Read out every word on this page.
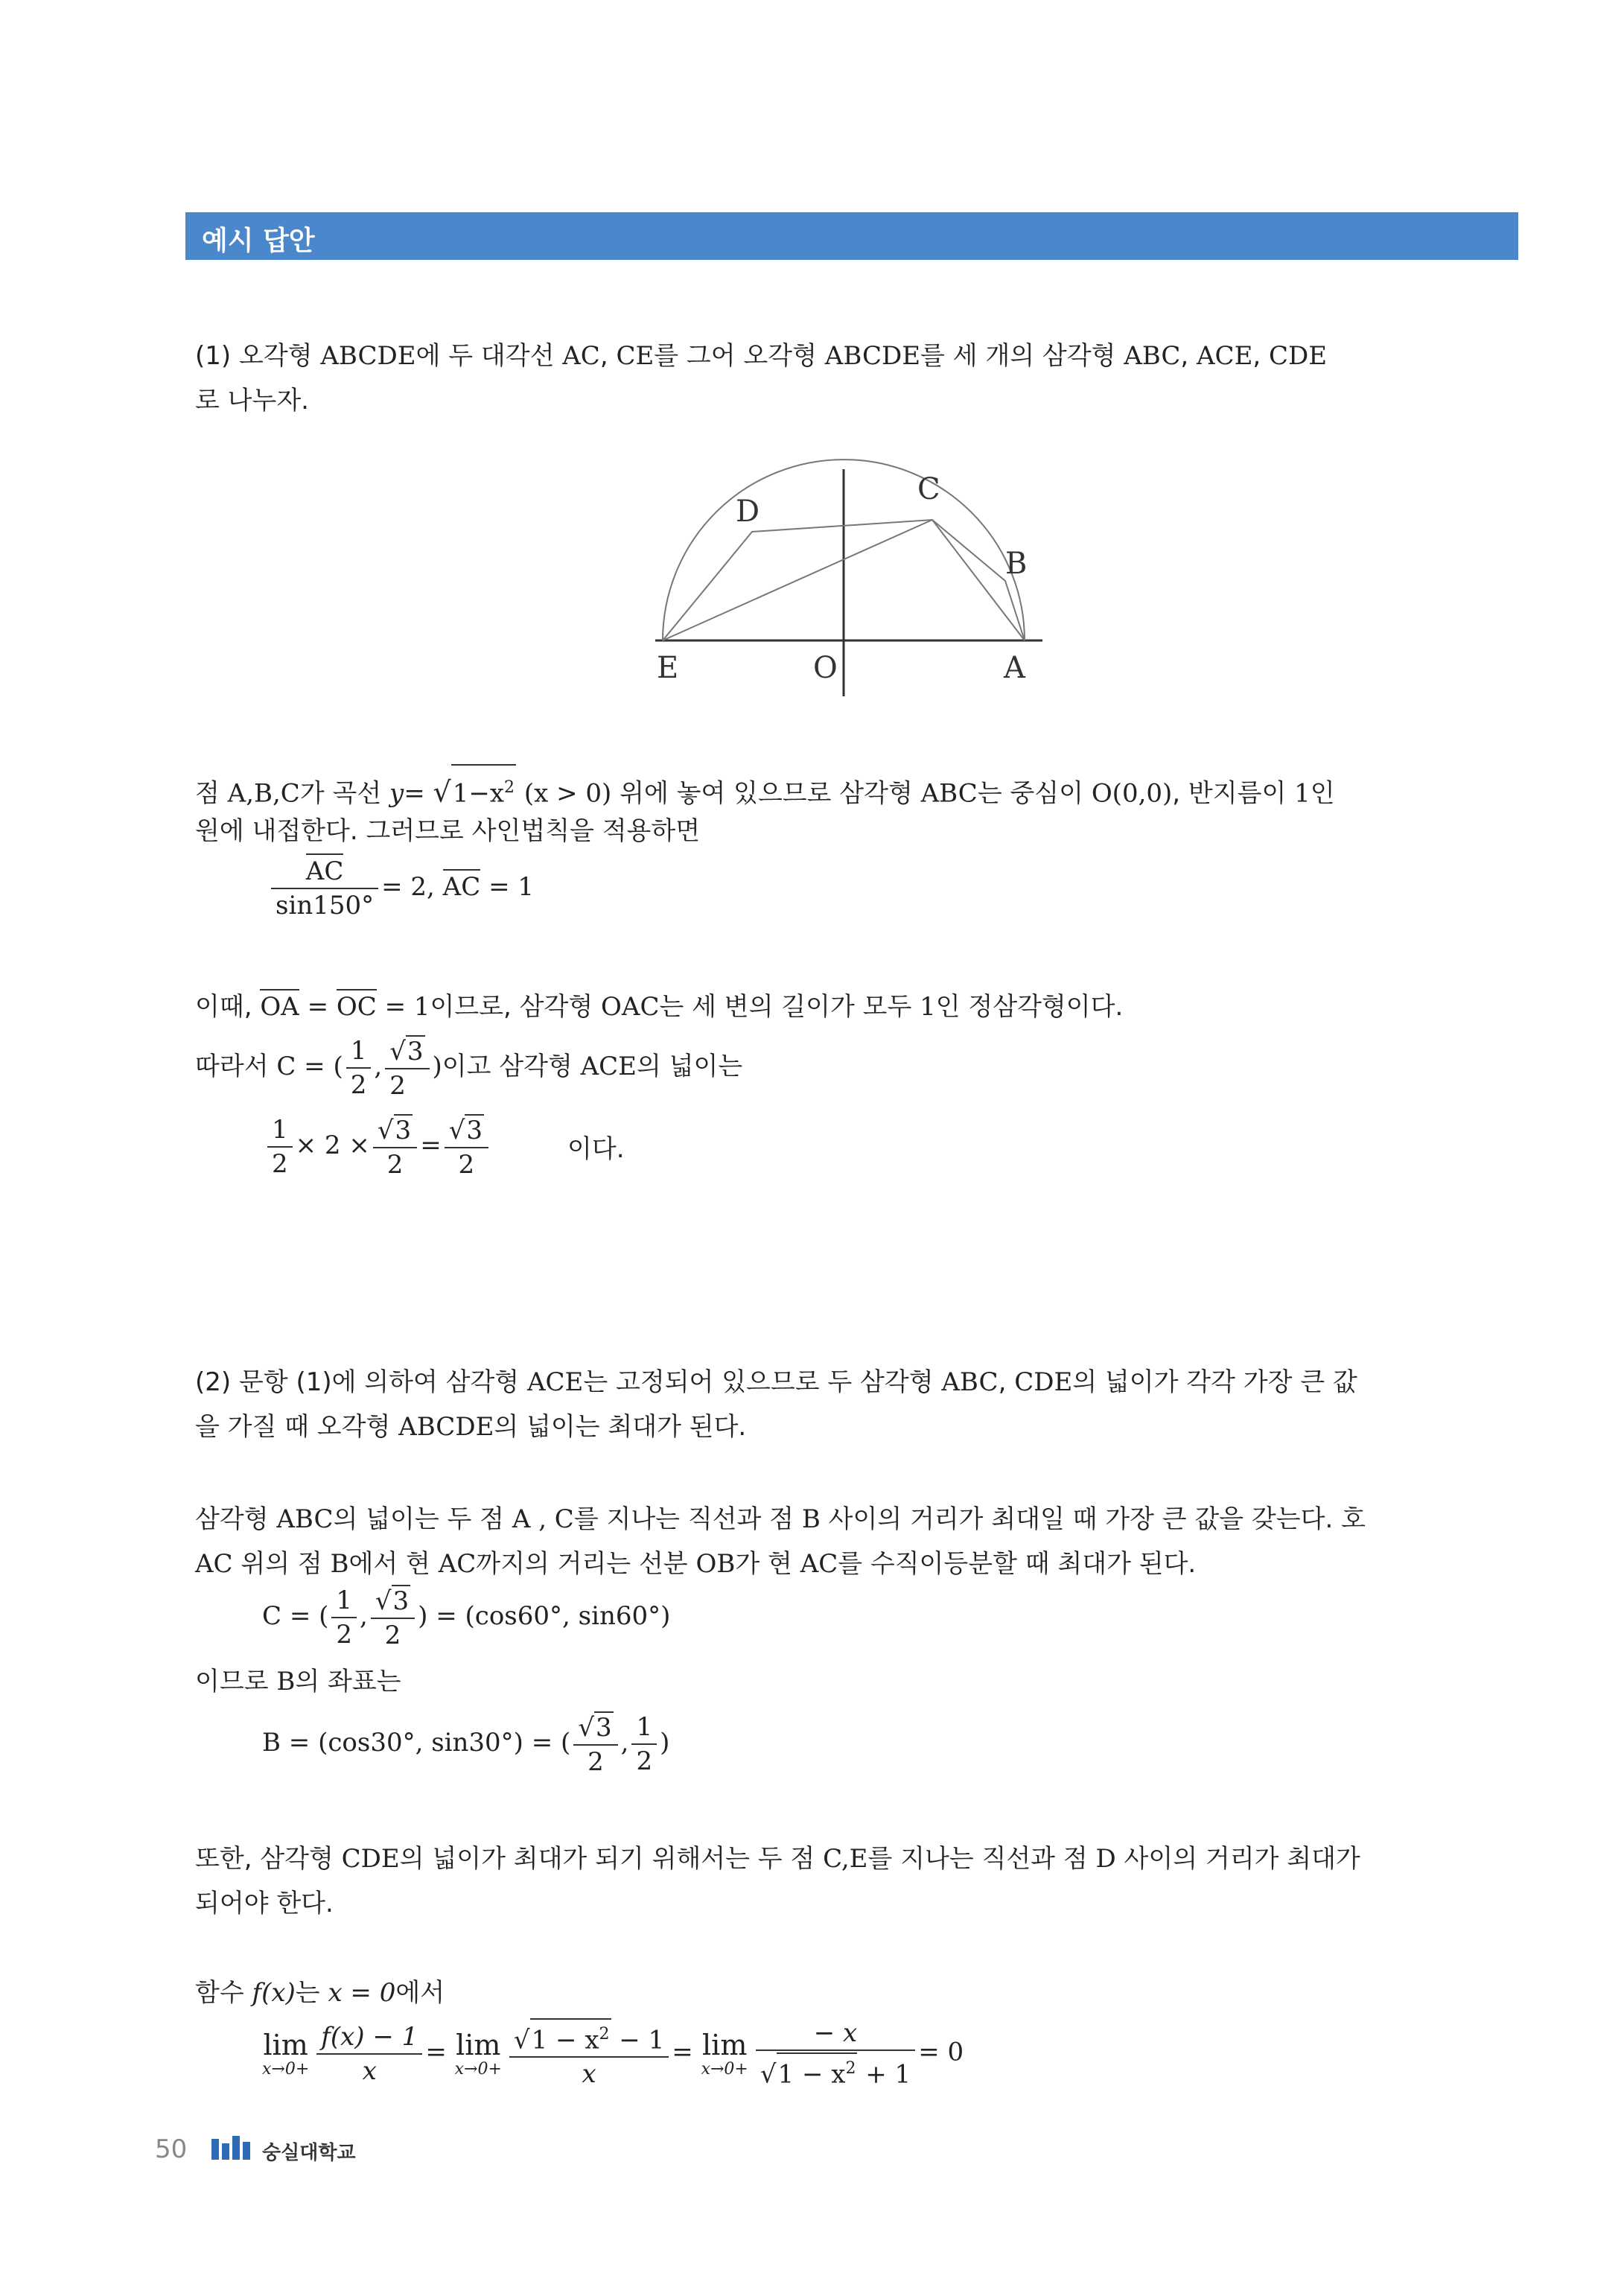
예시 답안
(1) 오각형 ABCDE에 두 대각선 AC, CE를 그어 오각형 ABCDE를 세 개의 삼각형 ABC, ACE, CDE
로 나누자.
D
C
B
E	O	A
점 A,B,C가 곡선 $y= √1-x^2$ (x > 0) 위에 놓여 있으므로 삼각형 ABC는 중심이 O(0,0), 반지름이 1인
원에 내접한다. 그러므로 사인법칙을 적용하면
$\frac{AC}{\sin 150^\circ} = 2$, AC = 1
이때, OA = OC = 1이므로, 삼각형 OAC는 세 변의 길이가 모두 1인 정삼각형이다.
따라서 C = ( $\frac{1}{2}$ , $\frac{√3}{2}$ )이고 삼각형 ACE의 넓이는
$\frac{1}{2} \times 2 \times \frac{√3}{2} = \frac{√3}{2}$	이다.
(2) 문항 (1)에 의하여 삼각형 ACE는 고정되어 있으므로 두 삼각형 ABC, CDE의 넓이가 각각 가장 큰 값
을 가질 때 오각형 ABCDE의 넓이는 최대가 된다.
삼각형 ABC의 넓이는 두 점 A , C를 지나는 직선과 점 B 사이의 거리가 최대일 때 가장 큰 값을 갖는다. 호
AC 위의 점 B에서 현 AC까지의 거리는 선분 OB가 현 AC를 수직이등분할 때 최대가 된다.
C = ( $\frac{1}{2}$ , $\frac{√3}{2}$ ) = (cos60°, sin60°)
이므로 B의 좌표는
B = (cos30°, sin30°) = ( $\frac{√3}{2}$ , $\frac{1}{2}$ )
또한, 삼각형 CDE의 넓이가 최대가 되기 위해서는 두 점 C,E를 지나는 직선과 점 D 사이의 거리가 최대가
되어야 한다.
함수 f(x)는 x = 0에서
lim
$x\to 0+ \frac{f(x) - 1}{x} = \lim$
$x\to 0+ \frac{√1 - x^2 - 1}{x} = \lim$
$x\to 0+ \frac{- x}{√1 - x^2 + 1} = 0$
50	숭실대학교
